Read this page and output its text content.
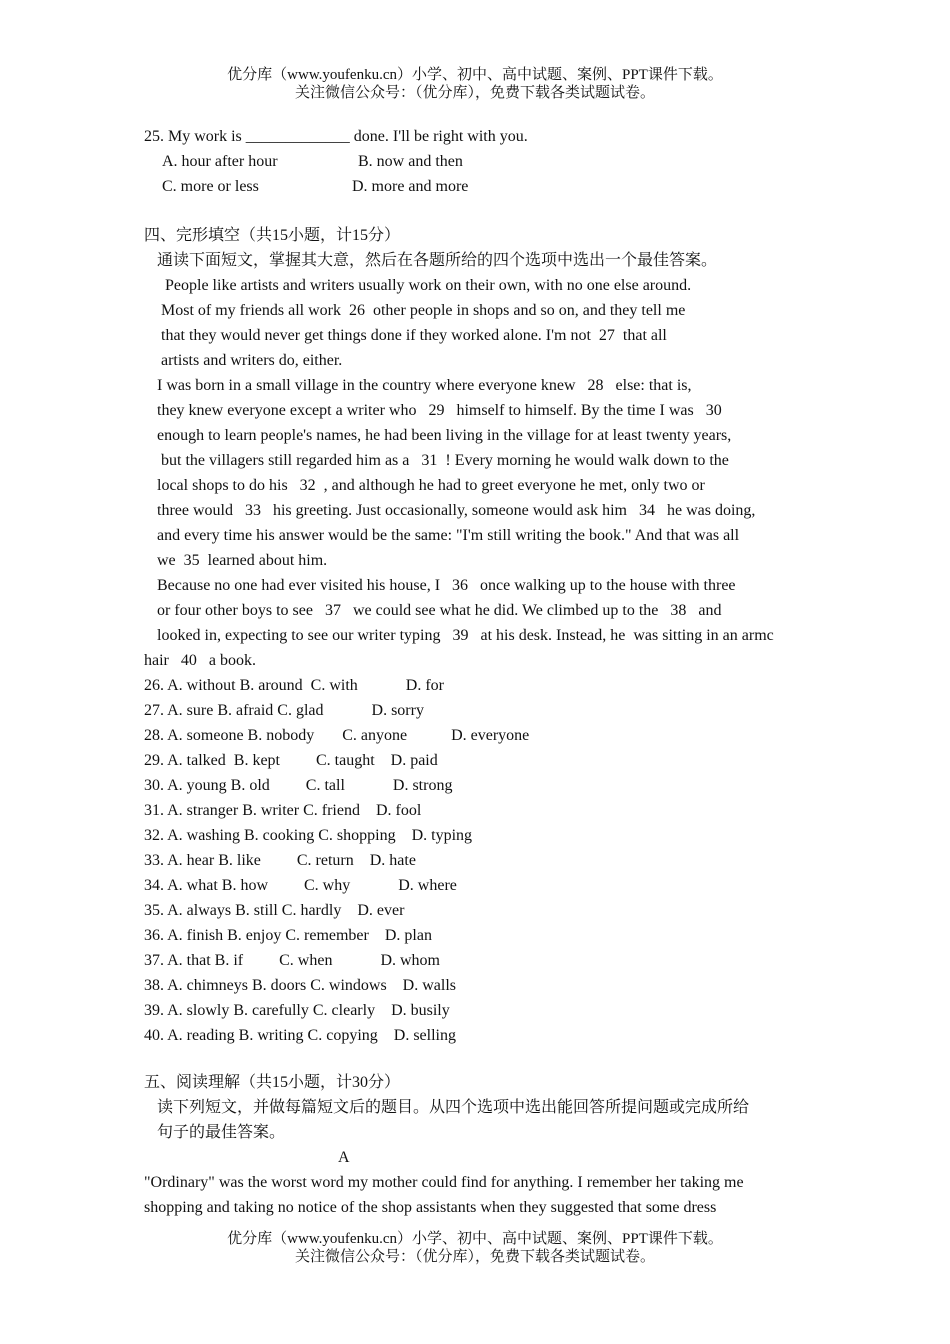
优分库（www.youfenku.cn）小学、初中、高中试题、案例、PPT课件下载。
关注微信公众号：（优分库），免费下载各类试题试卷。
25. My work is _____________ done. I'll be right with you.
A. hour after hour	B. now and then
C. more or less	D. more and more
四、完形填空（共15小题，计15分）
通读下面短文，掌握其大意，然后在各题所给的四个选项中选出一个最佳答案。
People like artists and writers usually work on their own, with no one else around.
Most of my friends all work  26  other people in shops and so on, and they tell me
that they would never get things done if they worked alone. I'm not  27  that all
artists and writers do, either.
I was born in a small village in the country where everyone knew   28   else: that is,
they knew everyone except a writer who   29   himself to himself. By the time I was   30
enough to learn people's names, he had been living in the village for at least twenty years,
but the villagers still regarded him as a   31  ! Every morning he would walk down to the
local shops to do his   32  , and although he had to greet everyone he met, only two or
three would   33   his greeting. Just occasionally, someone would ask him   34   he was doing,
and every time his answer would be the same: "I'm still writing the book." And that was all
we  35  learned about him.
Because no one had ever visited his house, I   36   once walking up to the house with three
or four other boys to see   37   we could see what he did. We climbed up to the   38   and
looked in, expecting to see our writer typing   39   at his desk. Instead, he  was sitting in an armc
hair   40   a book.
26. A. without B. around  C. with            D. for
27. A. sure B. afraid C. glad            D. sorry
28. A. someone B. nobody       C. anyone           D. everyone
29. A. talked  B. kept         C. taught    D. paid
30. A. young B. old         C. tall            D. strong
31. A. stranger B. writer C. friend    D. fool
32. A. washing B. cooking C. shopping    D. typing
33. A. hear B. like         C. return    D. hate
34. A. what B. how         C. why            D. where
35. A. always B. still C. hardly    D. ever
36. A. finish B. enjoy C. remember    D. plan
37. A. that B. if         C. when            D. whom
38. A. chimneys B. doors C. windows    D. walls
39. A. slowly B. carefully C. clearly    D. busily
40. A. reading B. writing C. copying    D. selling
五、阅读理解（共15小题，计30分）
读下列短文，并做每篇短文后的题目。从四个选项中选出能回答所提问题或完成所给
句子的最佳答案。
A
"Ordinary" was the worst word my mother could find for anything. I remember her taking me
shopping and taking no notice of the shop assistants when they suggested that some dress
优分库（www.youfenku.cn）小学、初中、高中试题、案例、PPT课件下载。
关注微信公众号：（优分库），免费下载各类试题试卷。
